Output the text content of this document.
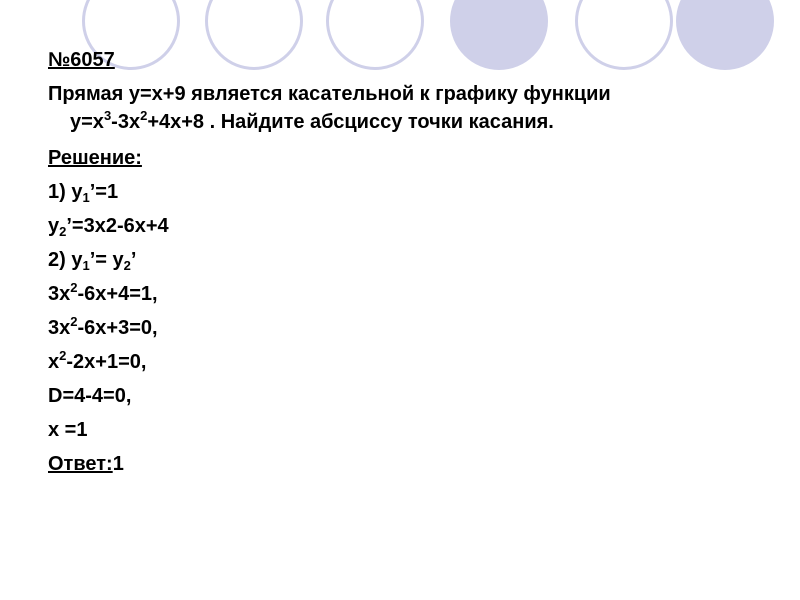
№6057
Прямая y=x+9 является касательной к графику функции
$y=x^3-3x^2+4x+8$ . Найдите абсциссу точки касания.
Решение:
1) $y_1’=1$
$y_2’=3x2-6x+4$
2) $y_1’= y_2$’
$3x^2-6x+4=1$,
$3x^2-6x+3=0$,
$x^2-2x+1=0$,
D=4-4=0,
x =1
Ответ:1
